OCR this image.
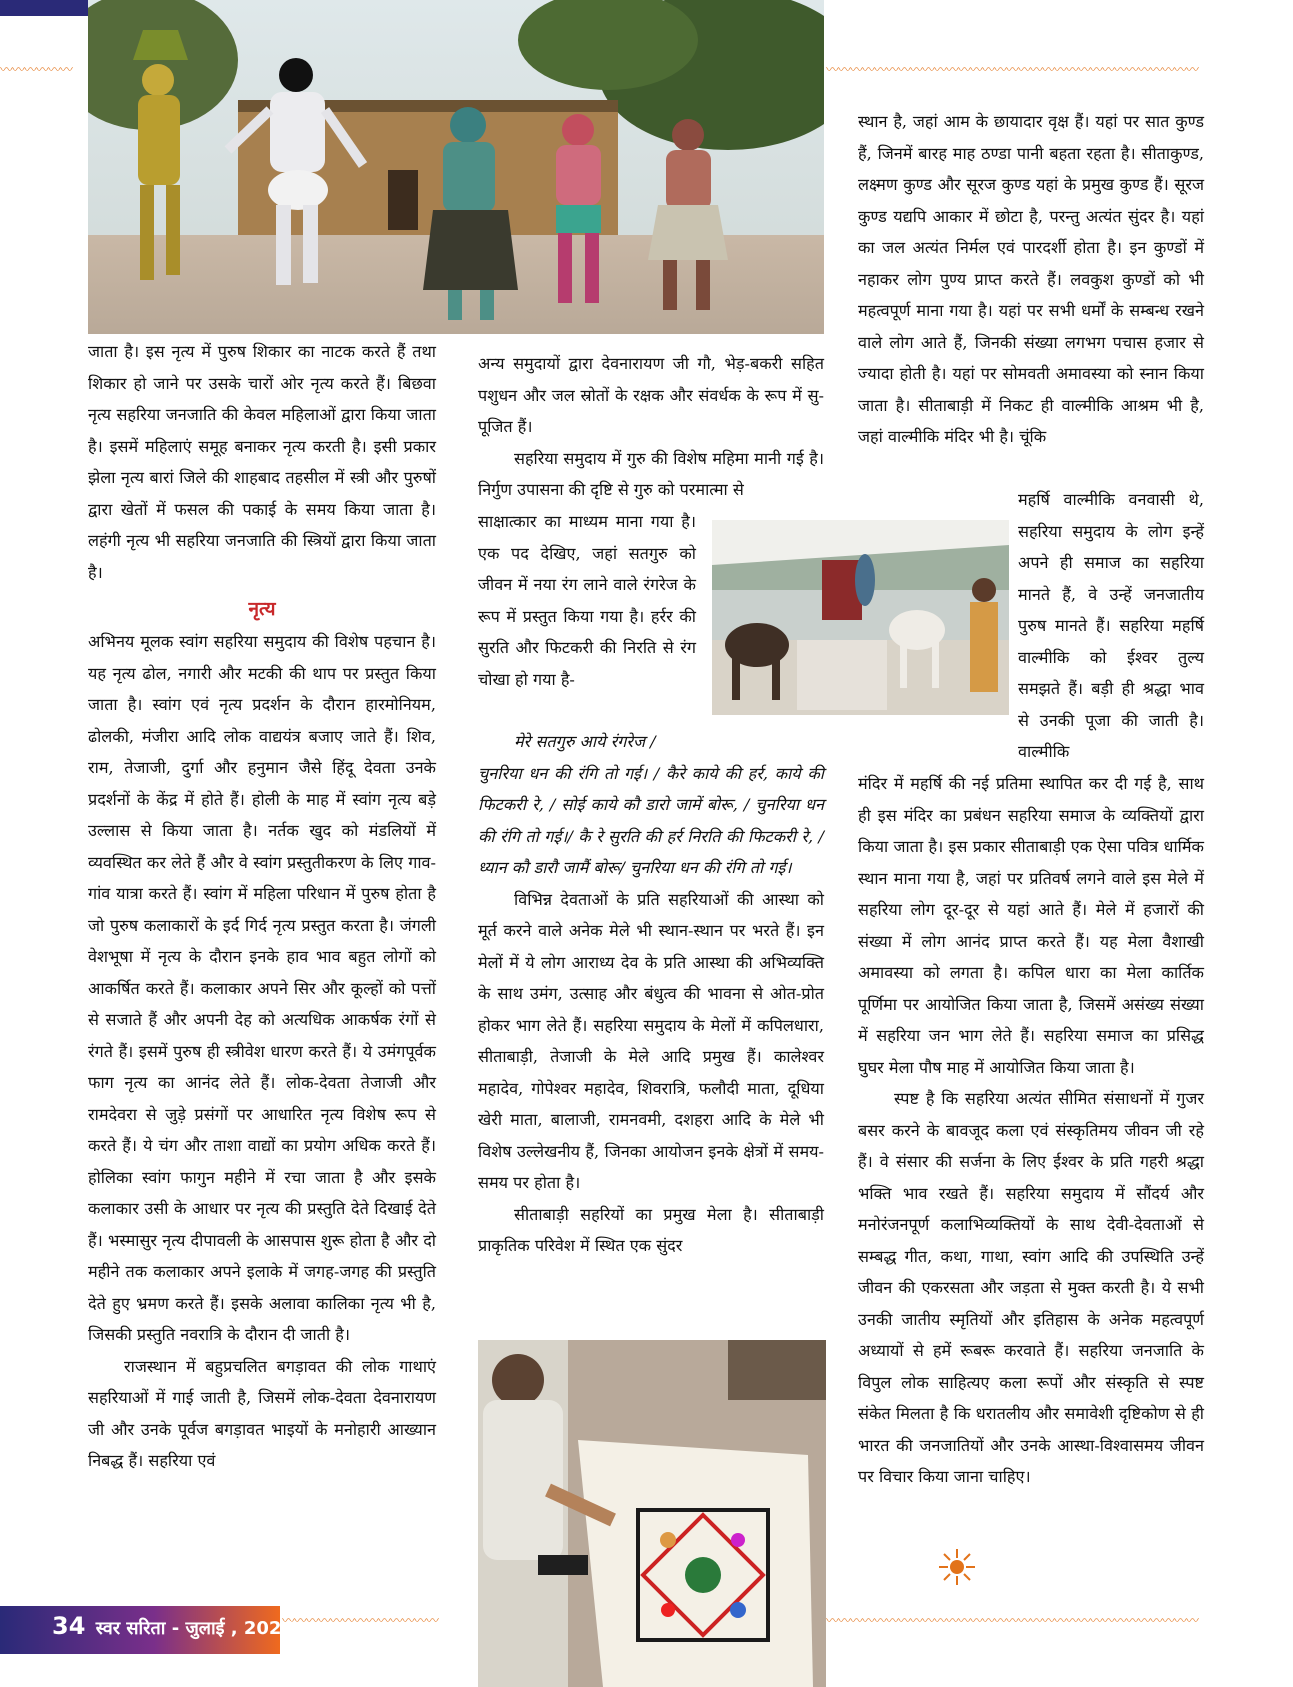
〰〰〰〰〰〰	〰〰〰〰〰〰〰〰〰〰〰〰〰〰〰〰〰〰〰〰〰〰〰〰〰〰〰〰〰〰〰
〰〰〰〰〰〰〰〰〰〰〰〰〰	〰〰〰〰〰〰〰〰〰〰〰〰〰〰〰〰〰〰〰〰〰〰〰〰〰〰〰〰〰〰〰

जाता है। इस नृत्य में पुरुष शिकार का नाटक करते हैं तथा शिकार हो जाने पर उसके चारों ओर नृत्य करते हैं। बिछवा नृत्य सहरिया जनजाति की केवल महिलाओं द्वारा किया जाता है। इसमें महिलाएं समूह बनाकर नृत्य करती है। इसी प्रकार झेला नृत्य बारां जिले की शाहबाद तहसील में स्त्री और पुरुषों द्वारा खेतों में फसल की पकाई के समय किया जाता है। लहंगी नृत्य भी सहरिया जनजाति की स्त्रियों द्वारा किया जाता है।

नृत्य

अभिनय मूलक स्वांग सहरिया समुदाय की विशेष पहचान है। यह नृत्य ढोल, नगारी और मटकी की थाप पर प्रस्तुत किया जाता है। स्वांग एवं नृत्य प्रदर्शन के दौरान हारमोनियम, ढोलकी, मंजीरा आदि लोक वाद्ययंत्र बजाए जाते हैं। शिव, राम, तेजाजी, दुर्गा और हनुमान जैसे हिंदू देवता उनके प्रदर्शनों के केंद्र में होते हैं। होली के माह में स्वांग नृत्य बड़े उल्लास से किया जाता है। नर्तक खुद को मंडलियों में व्यवस्थित कर लेते हैं और वे स्वांग प्रस्तुतीकरण के लिए गाव-गांव यात्रा करते हैं। स्वांग में महिला परिधान में पुरुष होता है जो पुरुष कलाकारों के इर्द गिर्द नृत्य प्रस्तुत करता है। जंगली वेशभूषा में नृत्य के दौरान इनके हाव भाव बहुत लोगों को आकर्षित करते हैं। कलाकार अपने सिर और कूल्हों को पत्तों से सजाते हैं और अपनी देह को अत्यधिक आकर्षक रंगों से रंगते हैं। इसमें पुरुष ही स्त्रीवेश धारण करते हैं। ये उमंगपूर्वक फाग नृत्य का आनंद लेते हैं। लोक-देवता तेजाजी और रामदेवरा से जुड़े प्रसंगों पर आधारित नृत्य विशेष रूप से करते हैं। ये चंग और ताशा वाद्यों का प्रयोग अधिक करते हैं। होलिका स्वांग फागुन महीने में रचा जाता है और इसके कलाकार उसी के आधार पर नृत्य की प्रस्तुति देते दिखाई देते हैं। भस्मासुर नृत्य दीपावली के आसपास शुरू होता है और दो महीने तक कलाकार अपने इलाके में जगह-जगह की प्रस्तुति देते हुए भ्रमण करते हैं। इसके अलावा कालिका नृत्य भी है, जिसकी प्रस्तुति नवरात्रि के दौरान दी जाती है।

राजस्थान में बहुप्रचलित बगड़ावत की लोक गाथाएं सहरियाओं में गाई जाती है, जिसमें लोक-देवता देवनारायण जी और उनके पूर्वज बगड़ावत भाइयों के मनोहारी आख्यान निबद्ध हैं। सहरिया एवं

अन्य समुदायों द्वारा देवनारायण जी गौ, भेड़-बकरी सहित पशुधन और जल स्रोतों के रक्षक और संवर्धक के रूप में सु-पूजित हैं।

सहरिया समुदाय में गुरु की विशेष महिमा मानी गई है। निर्गुण उपासना की दृष्टि से गुरु को परमात्मा से

साक्षात्कार का माध्यम माना गया है। एक पद देखिए, जहां सतगुरु को जीवन में नया रंग लाने वाले रंगरेज के रूप में प्रस्तुत किया गया है। हर्रर की सुरति और फिटकरी की निरति से रंग चोखा हो गया है-

मेरे सतगुरु आये रंगरेज /

चुनरिया धन की रंगि तो गई। / कैरे काये की हर्र, काये की फिटकरी रे, / सोई काये कौ डारो जामें बोरू, / चुनरिया धन की रंगि तो गई।/ कै रे सुरति की हर्र निरति की फिटकरी रे, / ध्यान कौ डारौ जामैं बोरू/ चुनरिया धन की रंगि तो गई।

विभिन्न देवताओं के प्रति सहरियाओं की आस्था को मूर्त करने वाले अनेक मेले भी स्थान-स्थान पर भरते हैं। इन मेलों में ये लोग आराध्य देव के प्रति आस्था की अभिव्यक्ति के साथ उमंग, उत्साह और बंधुत्व की भावना से ओत-प्रोत होकर भाग लेते हैं। सहरिया समुदाय के मेलों में कपिलधारा, सीताबाड़ी, तेजाजी के मेले आदि प्रमुख हैं। कालेश्वर महादेव, गोपेश्वर महादेव, शिवरात्रि, फलौदी माता, दूधिया खेरी माता, बालाजी, रामनवमी, दशहरा आदि के मेले भी विशेष उल्लेखनीय हैं, जिनका आयोजन इनके क्षेत्रों में समय-समय पर होता है।

सीताबाड़ी सहरियों का प्रमुख मेला है। सीताबाड़ी प्राकृतिक परिवेश में स्थित एक सुंदर

स्थान है, जहां आम के छायादार वृक्ष हैं। यहां पर सात कुण्ड हैं, जिनमें बारह माह ठण्डा पानी बहता रहता है। सीताकुण्ड, लक्ष्मण कुण्ड और सूरज कुण्ड यहां के प्रमुख कुण्ड हैं। सूरज कुण्ड यद्यपि आकार में छोटा है, परन्तु अत्यंत सुंदर है। यहां का जल अत्यंत निर्मल एवं पारदर्शी होता है। इन कुण्डों में नहाकर लोग पुण्य प्राप्त करते हैं। लवकुश कुण्डों को भी महत्वपूर्ण माना गया है। यहां पर सभी धर्मों के सम्बन्ध रखने वाले लोग आते हैं, जिनकी संख्या लगभग पचास हजार से ज्यादा होती है। यहां पर सोमवती अमावस्या को स्नान किया जाता है। सीताबाड़ी में निकट ही वाल्मीकि आश्रम भी है, जहां वाल्मीकि मंदिर भी है। चूंकि

महर्षि वाल्मीकि वनवासी थे, सहरिया समुदाय के लोग इन्हें अपने ही समाज का सहरिया मानते हैं, वे उन्हें जनजातीय पुरुष मानते हैं। सहरिया महर्षि वाल्मीकि को ईश्वर तुल्य समझते हैं। बड़ी ही श्रद्धा भाव से उनकी पूजा की जाती है। वाल्मीकि

मंदिर में महर्षि की नई प्रतिमा स्थापित कर दी गई है, साथ ही इस मंदिर का प्रबंधन सहरिया समाज के व्यक्तियों द्वारा किया जाता है। इस प्रकार सीताबाड़ी एक ऐसा पवित्र धार्मिक स्थान माना गया है, जहां पर प्रतिवर्ष लगने वाले इस मेले में सहरिया लोग दूर-दूर से यहां आते हैं। मेले में हजारों की संख्या में लोग आनंद प्राप्त करते हैं। यह मेला वैशाखी अमावस्या को लगता है। कपिल धारा का मेला कार्तिक पूर्णिमा पर आयोजित किया जाता है, जिसमें असंख्य संख्या में सहरिया जन भाग लेते हैं। सहरिया समाज का प्रसिद्ध घुघर मेला पौष माह में आयोजित किया जाता है।

स्पष्ट है कि सहरिया अत्यंत सीमित संसाधनों में गुजर बसर करने के बावजूद कला एवं संस्कृतिमय जीवन जी रहे हैं। वे संसार की सर्जना के लिए ईश्वर के प्रति गहरी श्रद्धा भक्ति भाव रखते हैं। सहरिया समुदाय में सौंदर्य और मनोरंजनपूर्ण कलाभिव्यक्तियों के साथ देवी-देवताओं से सम्बद्ध गीत, कथा, गाथा, स्वांग आदि की उपस्थिति उन्हें जीवन की एकरसता और जड़ता से मुक्त करती है। ये सभी उनकी जातीय स्मृतियों और इतिहास के अनेक महत्वपूर्ण अध्यायों से हमें रूबरू करवाते हैं। सहरिया जनजाति के विपुल लोक साहित्यए कला रूपों और संस्कृति से स्पष्ट संकेत मिलता है कि धरातलीय और समावेशी दृष्टिकोण से ही भारत की जनजातियों और उनके आस्था-विश्वासमय जीवन पर विचार किया जाना चाहिए।

34 स्वर सरिता - जुलाई , 2024
